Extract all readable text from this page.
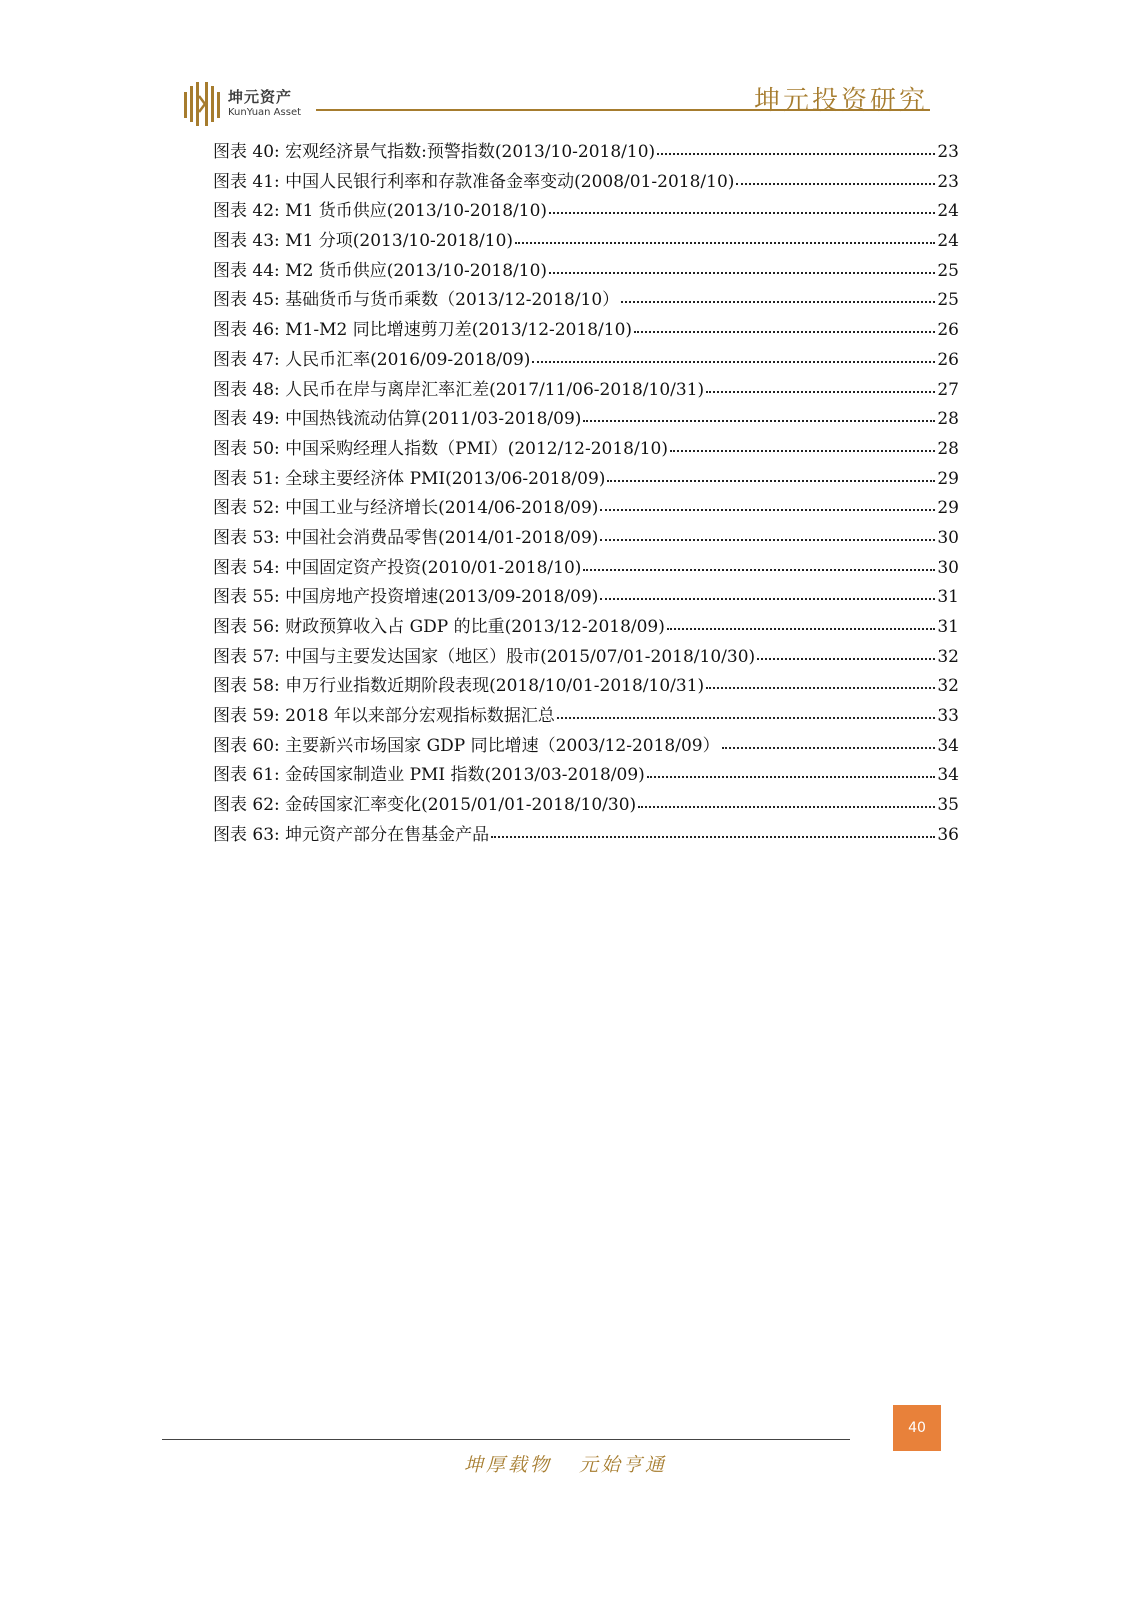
坤元资产
KunYuan Asset	坤元投资研究
图表 40: 宏观经济景气指数:预警指数(2013/10-2018/10)	23
图表 41: 中国人民银行利率和存款准备金率变动(2008/01-2018/10)	23
图表 42: M1 货币供应(2013/10-2018/10)	24
图表 43: M1 分项(2013/10-2018/10)	24
图表 44: M2 货币供应(2013/10-2018/10)	25
图表 45: 基础货币与货币乘数（2013/12-2018/10）	25
图表 46: M1-M2 同比增速剪刀差(2013/12-2018/10)	26
图表 47: 人民币汇率(2016/09-2018/09)	26
图表 48: 人民币在岸与离岸汇率汇差(2017/11/06-2018/10/31)	27
图表 49: 中国热钱流动估算(2011/03-2018/09)	28
图表 50: 中国采购经理人指数（PMI）(2012/12-2018/10)	28
图表 51: 全球主要经济体 PMI(2013/06-2018/09)	29
图表 52: 中国工业与经济增长(2014/06-2018/09)	29
图表 53: 中国社会消费品零售(2014/01-2018/09)	30
图表 54: 中国固定资产投资(2010/01-2018/10)	30
图表 55: 中国房地产投资增速(2013/09-2018/09)	31
图表 56: 财政预算收入占 GDP 的比重(2013/12-2018/09)	31
图表 57: 中国与主要发达国家（地区）股市(2015/07/01-2018/10/30)	32
图表 58: 申万行业指数近期阶段表现(2018/10/01-2018/10/31)	32
图表 59: 2018 年以来部分宏观指标数据汇总	33
图表 60: 主要新兴市场国家 GDP 同比增速（2003/12-2018/09）	34
图表 61: 金砖国家制造业 PMI 指数(2013/03-2018/09)	34
图表 62: 金砖国家汇率变化(2015/01/01-2018/10/30)	35
图表 63: 坤元资产部分在售基金产品	36
40
坤厚载物   元始亨通
